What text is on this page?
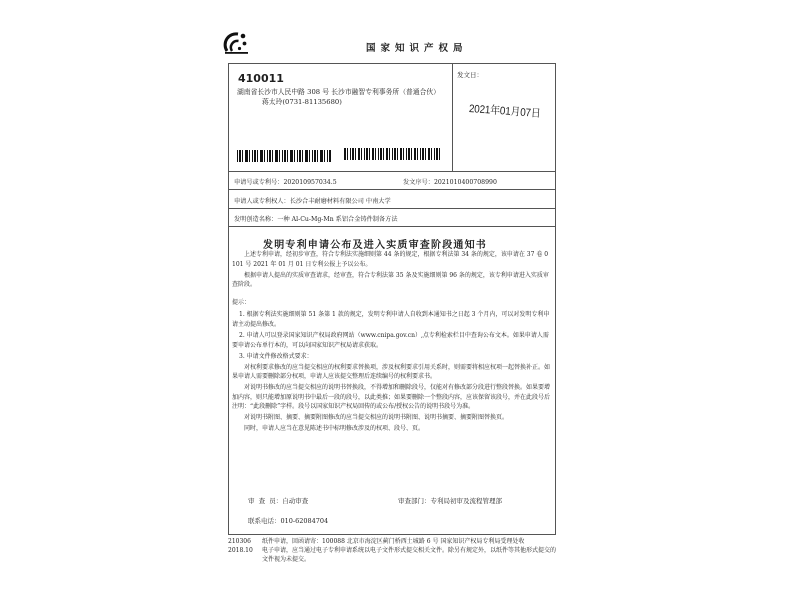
国家知识产权局
410011
湖南省长沙市人民中路 308 号 长沙市融智专利事务所（普通合伙）
蒋太玲(0731-81135680)
发文日：
2021年01月07日
申请号或专利号：202010957034.5	发文序号：2021010400708990
申请人或专利权人：长沙合丰耐磨材料有限公司 中南大学
发明创造名称：一种 Al-Cu-Mg-Mn 系铝合金铸件制备方法
发明专利申请公布及进入实质审查阶段通知书

上述专利申请，经初步审查，符合专利法实施细则第 44 条的规定，根据专利法第 34 条的规定，该申请在 37 卷 0101 号 2021 年 01 月 01 日专利公报上予以公布。

根据申请人提出的实质审查请求，经审查，符合专利法第 35 条及实施细则第 96 条的规定，该专利申请进入实质审查阶段。

提示：

1. 根据专利法实施细则第 51 条第 1 款的规定，发明专利申请人自收到本通知书之日起 3 个月内，可以对发明专利申请主动提出修改。

2. 申请人可以登录国家知识产权局政府网站（www.cnipa.gov.cn）,点专利检索栏目中查询公布文本。如果申请人需要申请公布单行本的，可以向国家知识产权局请求获取。

3. 申请文件修改格式要求：

对权利要求修改的应当提交相应的权利要求替换项，涉及权利要求引用关系时，则需要将相应权项一起替换补正。如果申请人需要删除部分权项，申请人应该提交整理后连续编号的权利要求书。

对说明书修改的应当提交相应的说明书替换段，不得增加和删除段号，仅能对有修改部分段进行整段替换。如果要增加内容，则只能增加原说明书中最后一段的段号，以此类推；如果要删除一个整段内容，应该保留该段号，并在此段号后注明：“此段删除”字样。段号以国家知识产权局回传的或公布/授权公告的说明书段号为准。

对说明书附图、摘要、摘要附图修改的应当提交相应的说明书附图、说明书摘要、摘要附图替换页。

同时，申请人应当在意见陈述书中标明修改涉及的权项、段号、页。

审  查  员：自动审查	审查部门：专利局初审及流程管理部
联系电话：010-62084704
210306 纸件申请，回函请寄：100088 北京市海淀区蓟门桥西土城路 6 号 国家知识产权局专利局受理处收
2018.10 电子申请，应当通过电子专利申请系统以电子文件形式提交相关文件。除另有规定外，以纸件等其他形式提交的文件视为未提交。
